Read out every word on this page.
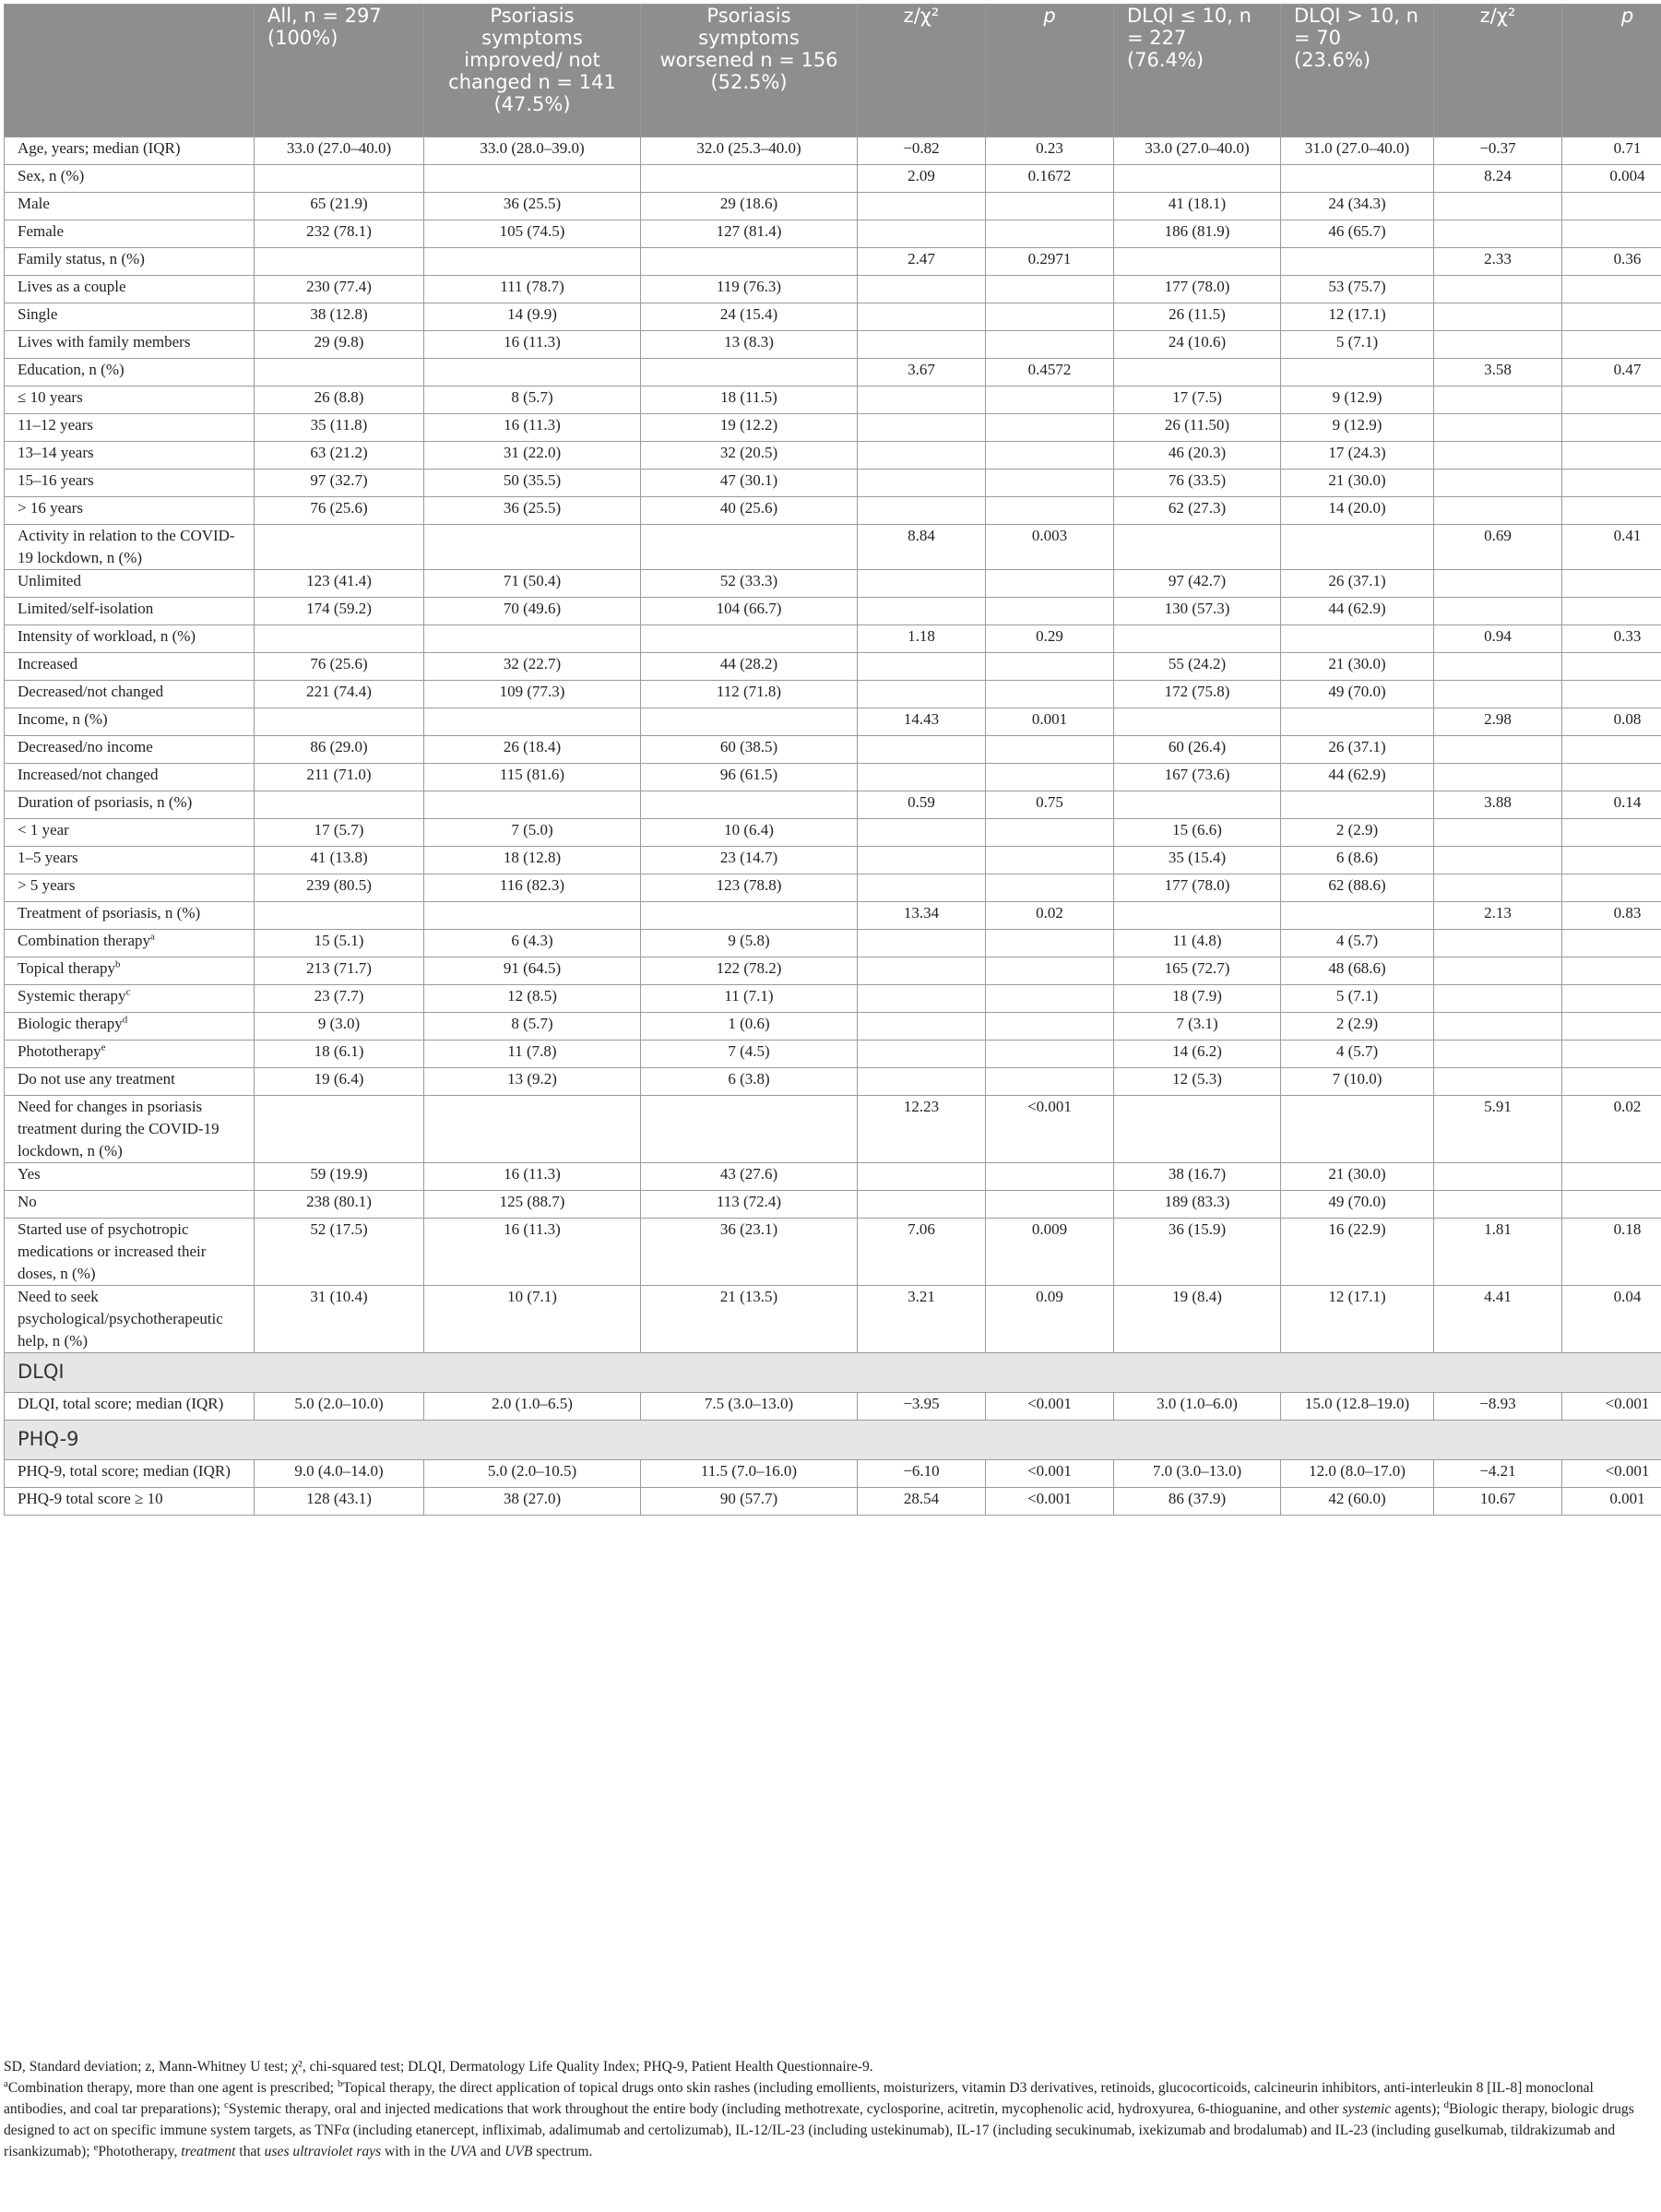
	All, n = 297 (100%)	Psoriasis symptoms improved/ not changed n = 141 (47.5%)	Psoriasis symptoms worsened n = 156 (52.5%)	z/χ²	p	DLQI ≤ 10, n = 227 (76.4%)	DLQI > 10, n = 70 (23.6%)	z/χ²	p
Age, years; median (IQR)	33.0 (27.0–40.0)	33.0 (28.0–39.0)	32.0 (25.3–40.0)	−0.82	0.23	33.0 (27.0–40.0)	31.0 (27.0–40.0)	−0.37	0.71
Sex, n (%)				2.09	0.1672			8.24	0.004
Male	65 (21.9)	36 (25.5)	29 (18.6)			41 (18.1)	24 (34.3)		
Female	232 (78.1)	105 (74.5)	127 (81.4)			186 (81.9)	46 (65.7)		
Family status, n (%)				2.47	0.2971			2.33	0.36
Lives as a couple	230 (77.4)	111 (78.7)	119 (76.3)			177 (78.0)	53 (75.7)		
Single	38 (12.8)	14 (9.9)	24 (15.4)			26 (11.5)	12 (17.1)		
Lives with family members	29 (9.8)	16 (11.3)	13 (8.3)			24 (10.6)	5 (7.1)		
Education, n (%)				3.67	0.4572			3.58	0.47
≤ 10 years	26 (8.8)	8 (5.7)	18 (11.5)			17 (7.5)	9 (12.9)		
11–12 years	35 (11.8)	16 (11.3)	19 (12.2)			26 (11.50)	9 (12.9)		
13–14 years	63 (21.2)	31 (22.0)	32 (20.5)			46 (20.3)	17 (24.3)		
15–16 years	97 (32.7)	50 (35.5)	47 (30.1)			76 (33.5)	21 (30.0)		
> 16 years	76 (25.6)	36 (25.5)	40 (25.6)			62 (27.3)	14 (20.0)		
Activity in relation to the COVID-19 lockdown, n (%)				8.84	0.003			0.69	0.41
Unlimited	123 (41.4)	71 (50.4)	52 (33.3)			97 (42.7)	26 (37.1)		
Limited/self-isolation	174 (59.2)	70 (49.6)	104 (66.7)			130 (57.3)	44 (62.9)		
Intensity of workload, n (%)				1.18	0.29			0.94	0.33
Increased	76 (25.6)	32 (22.7)	44 (28.2)			55 (24.2)	21 (30.0)		
Decreased/not changed	221 (74.4)	109 (77.3)	112 (71.8)			172 (75.8)	49 (70.0)		
Income, n (%)				14.43	0.001			2.98	0.08
Decreased/no income	86 (29.0)	26 (18.4)	60 (38.5)			60 (26.4)	26 (37.1)		
Increased/not changed	211 (71.0)	115 (81.6)	96 (61.5)			167 (73.6)	44 (62.9)		
Duration of psoriasis, n (%)				0.59	0.75			3.88	0.14
< 1 year	17 (5.7)	7 (5.0)	10 (6.4)			15 (6.6)	2 (2.9)		
1–5 years	41 (13.8)	18 (12.8)	23 (14.7)			35 (15.4)	6 (8.6)		
> 5 years	239 (80.5)	116 (82.3)	123 (78.8)			177 (78.0)	62 (88.6)		
Treatment of psoriasis, n (%)				13.34	0.02			2.13	0.83
Combination therapy$^a$	15 (5.1)	6 (4.3)	9 (5.8)			11 (4.8)	4 (5.7)		
Topical therapy$^b$	213 (71.7)	91 (64.5)	122 (78.2)			165 (72.7)	48 (68.6)		
Systemic therapy$^c$	23 (7.7)	12 (8.5)	11 (7.1)			18 (7.9)	5 (7.1)		
Biologic therapy$^d$	9 (3.0)	8 (5.7)	1 (0.6)			7 (3.1)	2 (2.9)		
Phototherapy$^e$	18 (6.1)	11 (7.8)	7 (4.5)			14 (6.2)	4 (5.7)		
Do not use any treatment	19 (6.4)	13 (9.2)	6 (3.8)			12 (5.3)	7 (10.0)		
Need for changes in psoriasis treatment during the COVID-19 lockdown, n (%)				12.23	<0.001			5.91	0.02
Yes	59 (19.9)	16 (11.3)	43 (27.6)			38 (16.7)	21 (30.0)		
No	238 (80.1)	125 (88.7)	113 (72.4)			189 (83.3)	49 (70.0)		
Started use of psychotropic medications or increased their doses, n (%)	52 (17.5)	16 (11.3)	36 (23.1)	7.06	0.009	36 (15.9)	16 (22.9)	1.81	0.18
Need to seek psychological/psychotherapeutic help, n (%)	31 (10.4)	10 (7.1)	21 (13.5)	3.21	0.09	19 (8.4)	12 (17.1)	4.41	0.04
DLQI									
DLQI, total score; median (IQR)	5.0 (2.0–10.0)	2.0 (1.0–6.5)	7.5 (3.0–13.0)	−3.95	<0.001	3.0 (1.0–6.0)	15.0 (12.8–19.0)	−8.93	<0.001
PHQ-9									
PHQ-9, total score; median (IQR)	9.0 (4.0–14.0)	5.0 (2.0–10.5)	11.5 (7.0–16.0)	−6.10	<0.001	7.0 (3.0–13.0)	12.0 (8.0–17.0)	−4.21	<0.001
PHQ-9 total score ≥ 10	128 (43.1)	38 (27.0)	90 (57.7)	28.54	<0.001	86 (37.9)	42 (60.0)	10.67	0.001

SD, Standard deviation; z, Mann-Whitney U test; χ², chi-squared test; DLQI, Dermatology Life Quality Index; PHQ-9, Patient Health Questionnaire-9.

$^a$Combination therapy, more than one agent is prescribed; $^b$Topical therapy, the direct application of topical drugs onto skin rashes (including emollients, moisturizers, vitamin D3 derivatives, retinoids, glucocorticoids, calcineurin inhibitors, anti-interleukin 8 [IL-8] monoclonal antibodies, and coal tar preparations); $^c$Systemic therapy, oral and injected medications that work throughout the entire body (including methotrexate, cyclosporine, acitretin, mycophenolic acid, hydroxyurea, 6-thioguanine, and other systemic agents); $^d$Biologic therapy, biologic drugs designed to act on specific immune system targets, as TNFα (including etanercept, infliximab, adalimumab and certolizumab), IL-12/IL-23 (including ustekinumab), IL-17 (including secukinumab, ixekizumab and brodalumab) and IL-23 (including guselkumab, tildrakizumab and risankizumab); $^e$Phototherapy, treatment that uses ultraviolet rays with in the UVA and UVB spectrum.
